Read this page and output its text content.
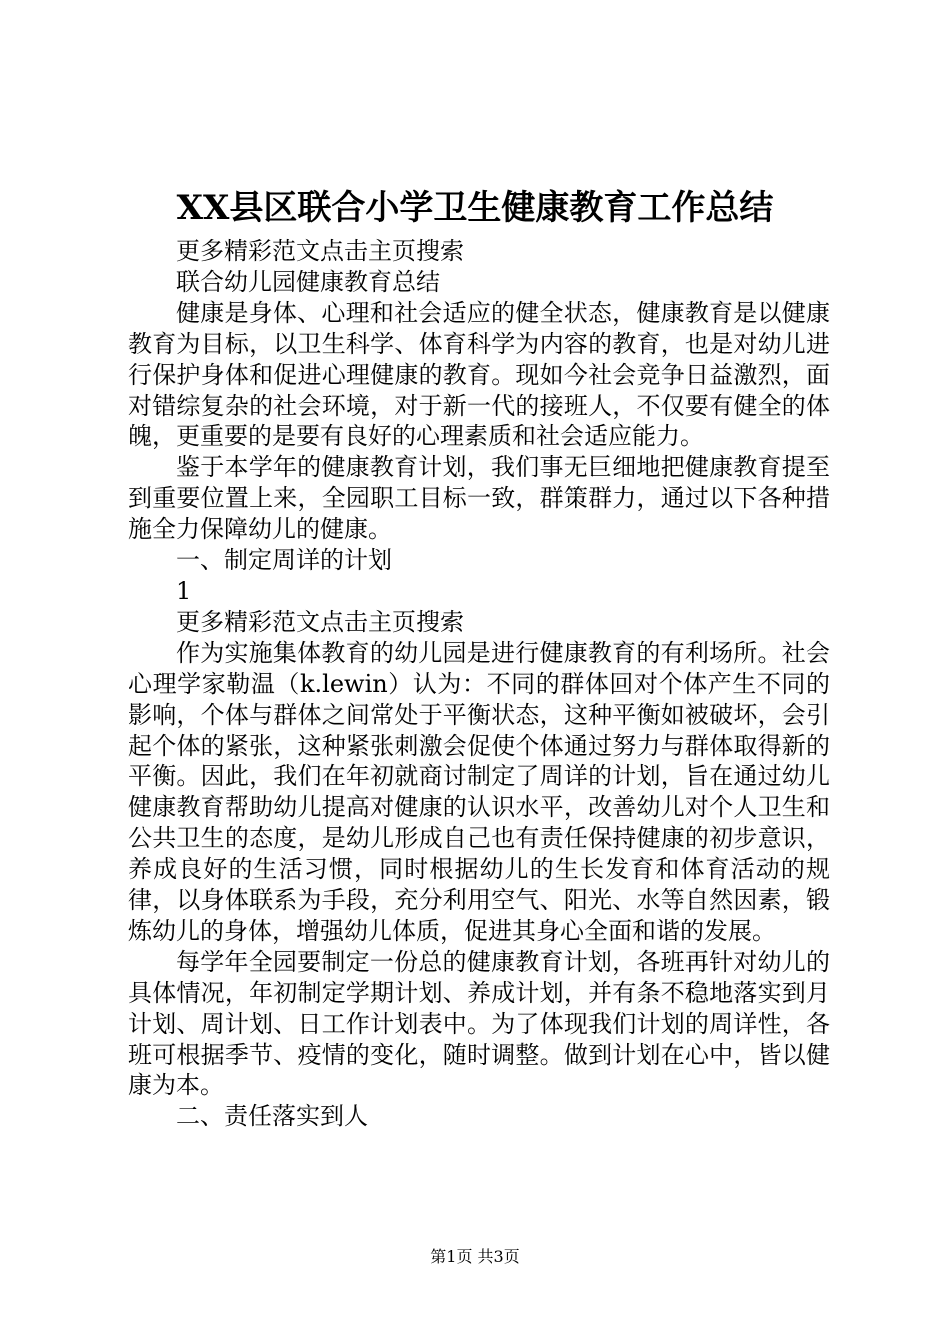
XX县区联合小学卫生健康教育工作总结

更多精彩范文点击主页搜索

联合幼儿园健康教育总结

健康是身体、心理和社会适应的健全状态，健康教育是以健康教育为目标，以卫生科学、体育科学为内容的教育，也是对幼儿进行保护身体和促进心理健康的教育。现如今社会竞争日益激烈，面对错综复杂的社会环境，对于新一代的接班人，不仅要有健全的体魄，更重要的是要有良好的心理素质和社会适应能力。

鉴于本学年的健康教育计划，我们事无巨细地把健康教育提至到重要位置上来，全园职工目标一致，群策群力，通过以下各种措施全力保障幼儿的健康。

一、制定周详的计划

1

更多精彩范文点击主页搜索

作为实施集体教育的幼儿园是进行健康教育的有利场所。社会心理学家勒温（k.lewin）认为：不同的群体回对个体产生不同的影响，个体与群体之间常处于平衡状态，这种平衡如被破坏，会引起个体的紧张，这种紧张刺激会促使个体通过努力与群体取得新的平衡。因此，我们在年初就商讨制定了周详的计划，旨在通过幼儿健康教育帮助幼儿提高对健康的认识水平，改善幼儿对个人卫生和公共卫生的态度，是幼儿形成自己也有责任保持健康的初步意识，养成良好的生活习惯，同时根据幼儿的生长发育和体育活动的规律，以身体联系为手段，充分利用空气、阳光、水等自然因素，锻炼幼儿的身体，增强幼儿体质，促进其身心全面和谐的发展。

每学年全园要制定一份总的健康教育计划，各班再针对幼儿的具体情况，年初制定学期计划、养成计划，并有条不稳地落实到月计划、周计划、日工作计划表中。为了体现我们计划的周详性，各班可根据季节、疫情的变化，随时调整。做到计划在心中，皆以健康为本。

二、责任落实到人

第1页 共3页
